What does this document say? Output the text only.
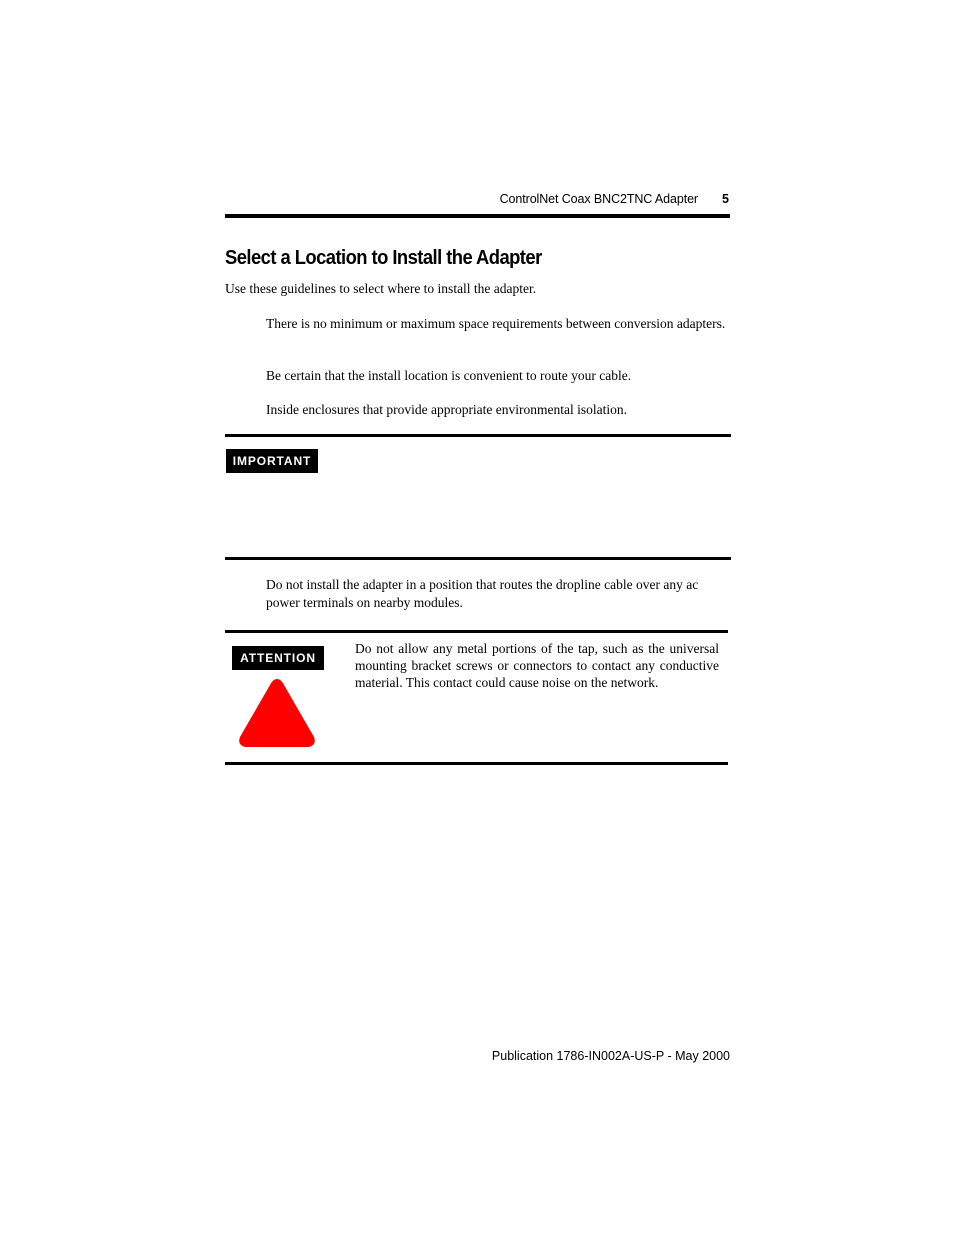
ControlNet Coax BNC2TNC Adapter 5
Select a Location to Install the Adapter
Use these guidelines to select where to install the adapter.
There is no minimum or maximum space requirements between conversion adapters.
Be certain that the install location is convenient to route your cable.
Inside enclosures that provide appropriate environmental isolation.
IMPORTANT
Do not install the adapter in a position that routes the dropline cable over any ac power terminals on nearby modules.
ATTENTION
Do not allow any metal portions of the tap, such as the universal mounting bracket screws or connectors to contact any conductive material. This contact could cause noise on the network.
Publication 1786-IN002A-US-P - May 2000
